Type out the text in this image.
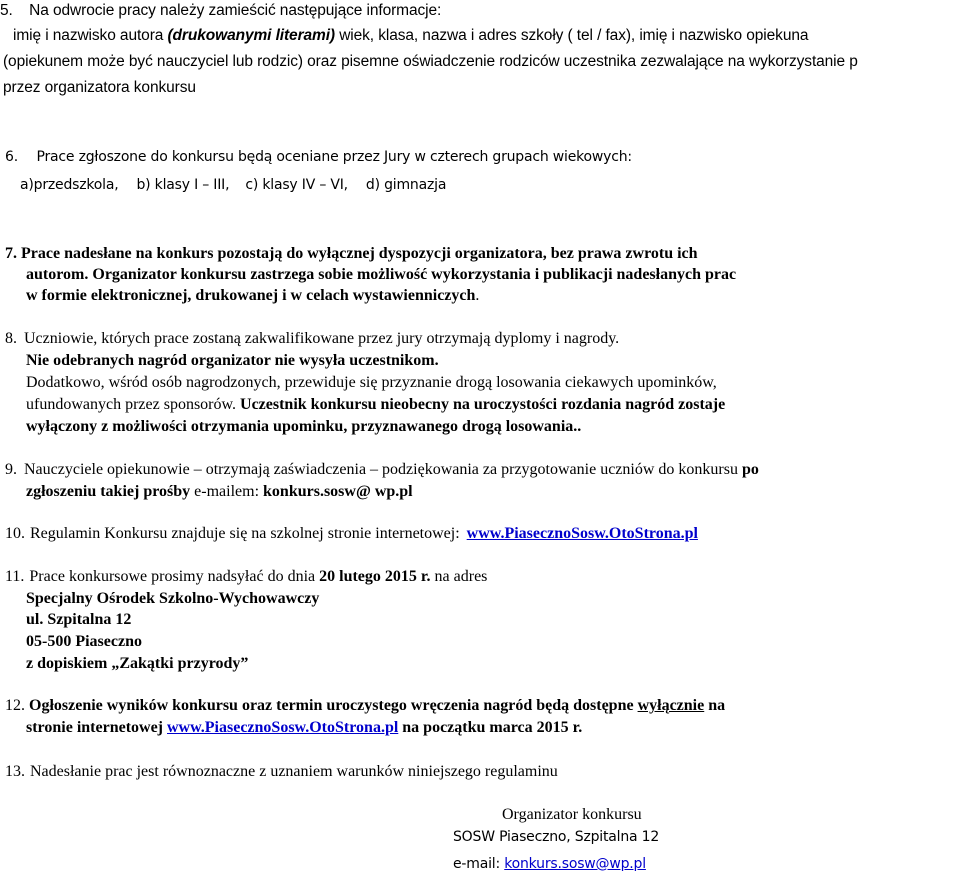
5. Na odwrocie pracy należy zamieścić następujące informacje:
imię i nazwisko autora (drukowanymi literami) wiek, klasa, nazwa i adres szkoły ( tel / fax), imię i nazwisko opiekuna
(opiekunem może być nauczyciel lub rodzic) oraz pisemne oświadczenie rodziców uczestnika zezwalające na wykorzystanie p
przez organizatora konkursu
6. Prace zgłoszone do konkursu będą oceniane przez Jury w czterech grupach wiekowych:
a)przedszkola, b) klasy I – III, c) klasy IV – VI, d) gimnazja
7. Prace nadesłane na konkurs pozostają do wyłącznej dyspozycji organizatora, bez prawa zwrotu ich
autorom. Organizator konkursu zastrzega sobie możliwość wykorzystania i publikacji nadesłanych prac
w formie elektronicznej, drukowanej i w celach wystawienniczych.
8. Uczniowie, których prace zostaną zakwalifikowane przez jury otrzymają dyplomy i nagrody.
Nie odebranych nagród organizator nie wysyła uczestnikom.
Dodatkowo, wśród osób nagrodzonych, przewiduje się przyznanie drogą losowania ciekawych upominków,
ufundowanych przez sponsorów. Uczestnik konkursu nieobecny na uroczystości rozdania nagród zostaje
wyłączony z możliwości otrzymania upominku, przyznawanego drogą losowania..
9. Nauczyciele opiekunowie – otrzymają zaświadczenia – podziękowania za przygotowanie uczniów do konkursu po
zgłoszeniu takiej prośby e-mailem: konkurs.sosw@ wp.pl
10. Regulamin Konkursu znajduje się na szkolnej stronie internetowej: www.PiasecznoSosw.OtoStrona.pl
11. Prace konkursowe prosimy nadsyłać do dnia 20 lutego 2015 r. na adres
Specjalny Ośrodek Szkolno-Wychowawczy
ul. Szpitalna 12
05-500 Piaseczno
z dopiskiem „Zakątki przyrody”
12. Ogłoszenie wyników konkursu oraz termin uroczystego wręczenia nagród będą dostępne wyłącznie na
stronie internetowej www.PiasecznoSosw.OtoStrona.pl na początku marca 2015 r.
13. Nadesłanie prac jest równoznaczne z uznaniem warunków niniejszego regulaminu
Organizator konkursu
SOSW Piaseczno, Szpitalna 12
e-mail: konkurs.sosw@wp.pl
